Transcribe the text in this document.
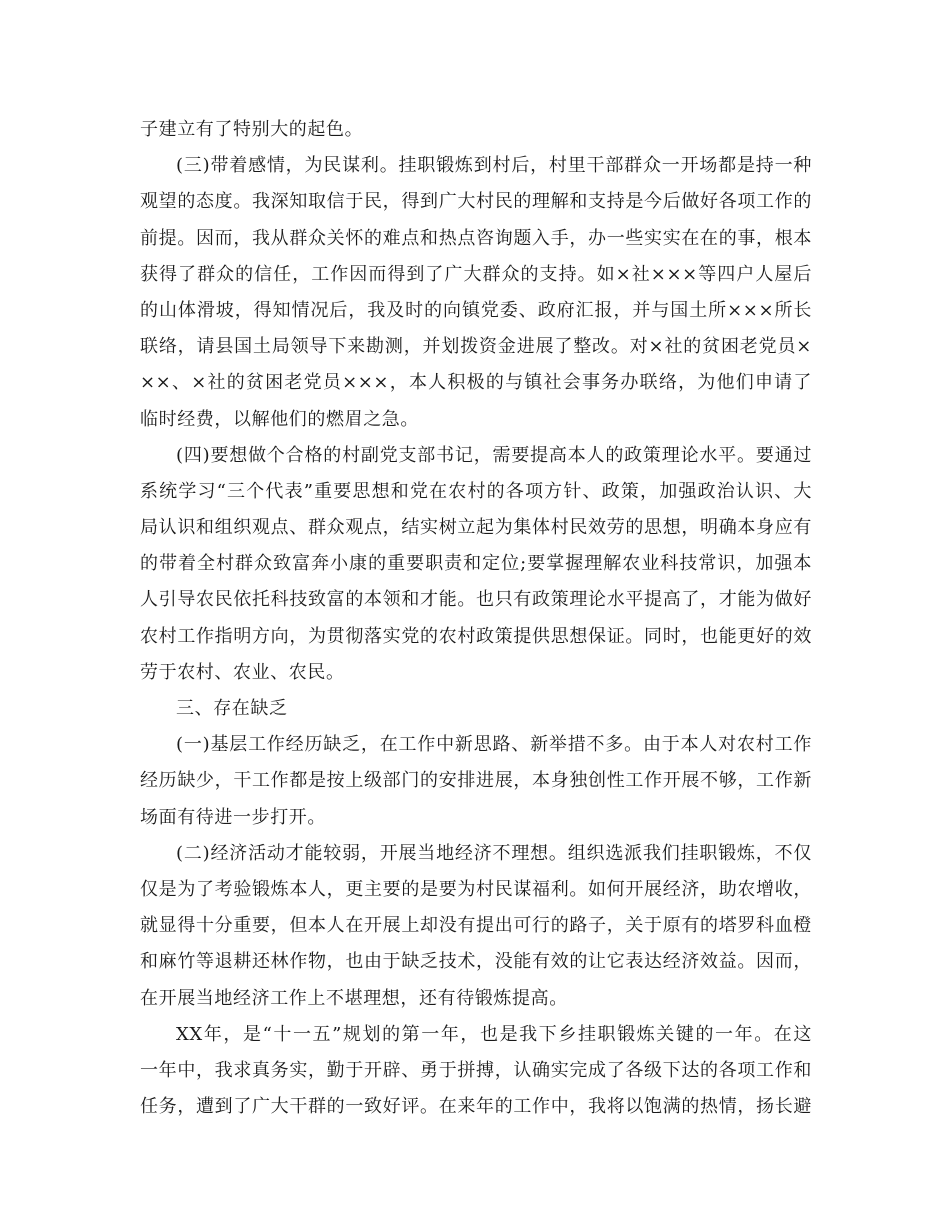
子建立有了特别大的起色。
(三)带着感情，为民谋利。挂职锻炼到村后，村里干部群众一开场都是持一种
观望的态度。我深知取信于民，得到广大村民的理解和支持是今后做好各项工作的
前提。因而，我从群众关怀的难点和热点咨询题入手，办一些实实在在的事，根本
获得了群众的信任，工作因而得到了广大群众的支持。如×社×××等四户人屋后
的山体滑坡，得知情况后，我及时的向镇党委、政府汇报，并与国土所×××所长
联络，请县国土局领导下来勘测，并划拨资金进展了整改。对×社的贫困老党员×
××、×社的贫困老党员×××，本人积极的与镇社会事务办联络，为他们申请了
临时经费，以解他们的燃眉之急。
(四)要想做个合格的村副党支部书记，需要提高本人的政策理论水平。要通过
系统学习“三个代表”重要思想和党在农村的各项方针、政策，加强政治认识、大
局认识和组织观点、群众观点，结实树立起为集体村民效劳的思想，明确本身应有
的带着全村群众致富奔小康的重要职责和定位;要掌握理解农业科技常识，加强本
人引导农民依托科技致富的本领和才能。也只有政策理论水平提高了，才能为做好
农村工作指明方向，为贯彻落实党的农村政策提供思想保证。同时，也能更好的效
劳于农村、农业、农民。
三、存在缺乏
(一)基层工作经历缺乏，在工作中新思路、新举措不多。由于本人对农村工作
经历缺少，干工作都是按上级部门的安排进展，本身独创性工作开展不够，工作新
场面有待进一步打开。
(二)经济活动才能较弱，开展当地经济不理想。组织选派我们挂职锻炼，不仅
仅是为了考验锻炼本人，更主要的是要为村民谋福利。如何开展经济，助农增收，
就显得十分重要，但本人在开展上却没有提出可行的路子，关于原有的塔罗科血橙
和麻竹等退耕还林作物，也由于缺乏技术，没能有效的让它表达经济效益。因而，
在开展当地经济工作上不堪理想，还有待锻炼提高。
XX年，是“十一五”规划的第一年，也是我下乡挂职锻炼关键的一年。在这
一年中，我求真务实，勤于开辟、勇于拼搏，认确实完成了各级下达的各项工作和
任务，遭到了广大干群的一致好评。在来年的工作中，我将以饱满的热情，扬长避
